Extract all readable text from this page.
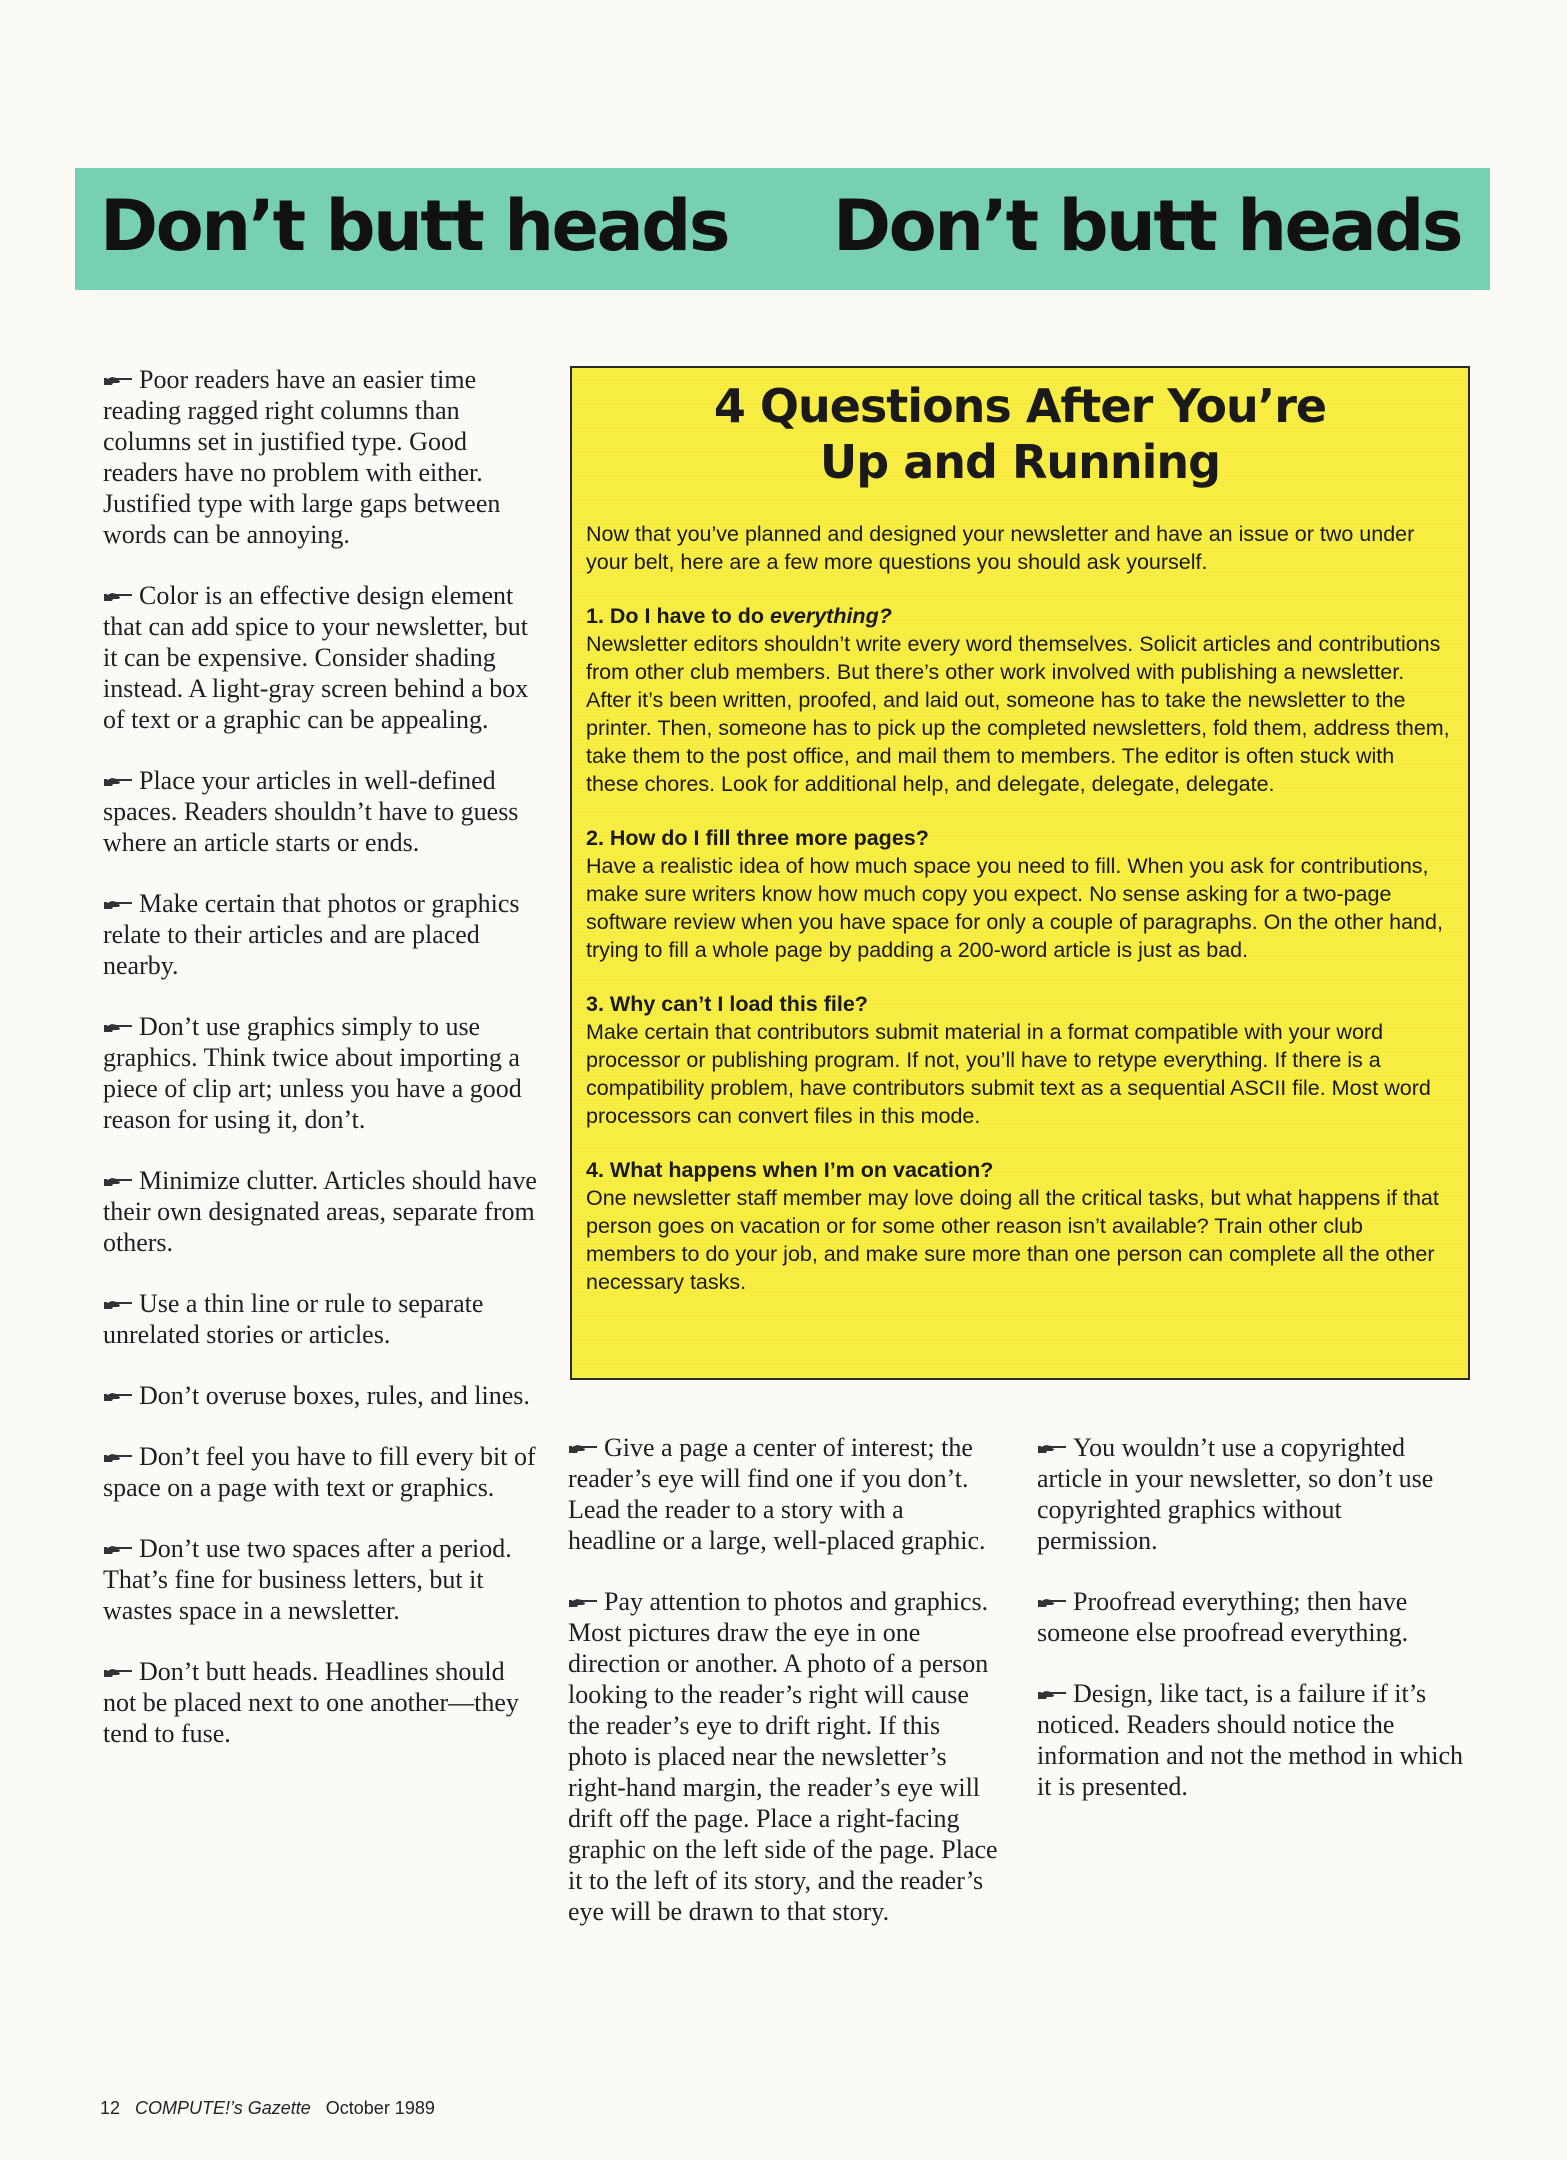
Don’t butt heads Don’t butt heads

Poor readers have an easier time reading ragged right columns than columns set in justified type. Good readers have no problem with either. Justified type with large gaps between words can be annoying.

Color is an effective design element that can add spice to your newsletter, but it can be expensive. Consider shading instead. A light-gray screen behind a box of text or a graphic can be appealing.

Place your articles in well-defined spaces. Readers shouldn’t have to guess where an article starts or ends.

Make certain that photos or graphics relate to their articles and are placed nearby.

Don’t use graphics simply to use graphics. Think twice about importing a piece of clip art; unless you have a good reason for using it, don’t.

Minimize clutter. Articles should have their own designated areas, separate from others.

Use a thin line or rule to separate unrelated stories or articles.

Don’t overuse boxes, rules, and lines.

Don’t feel you have to fill every bit of space on a page with text or graphics.

Don’t use two spaces after a period. That’s fine for business letters, but it wastes space in a newsletter.

Don’t butt heads. Headlines should not be placed next to one another—they tend to fuse.

4 Questions After You’re
Up and Running

Now that you’ve planned and designed your newsletter and have an issue or two under your belt, here are a few more questions you should ask yourself.

1. Do I have to do everything?
Newsletter editors shouldn’t write every word themselves. Solicit articles and contributions from other club members. But there’s other work involved with publishing a newsletter. After it’s been written, proofed, and laid out, someone has to take the newsletter to the printer. Then, someone has to pick up the completed newsletters, fold them, address them, take them to the post office, and mail them to members. The editor is often stuck with these chores. Look for additional help, and delegate, delegate, delegate.
2. How do I fill three more pages?
Have a realistic idea of how much space you need to fill. When you ask for contributions, make sure writers know how much copy you expect. No sense asking for a two-page software review when you have space for only a couple of paragraphs. On the other hand, trying to fill a whole page by padding a 200-word article is just as bad.
3. Why can’t I load this file?
Make certain that contributors submit material in a format compatible with your word processor or publishing program. If not, you’ll have to retype everything. If there is a compatibility problem, have contributors submit text as a sequential ASCII file. Most word processors can convert files in this mode.
4. What happens when I’m on vacation?
One newsletter staff member may love doing all the critical tasks, but what happens if that person goes on vacation or for some other reason isn’t available? Train other club members to do your job, and make sure more than one person can complete all the other necessary tasks.

Give a page a center of interest; the reader’s eye will find one if you don’t. Lead the reader to a story with a headline or a large, well-placed graphic.

Pay attention to photos and graphics. Most pictures draw the eye in one direction or another. A photo of a person looking to the reader’s right will cause the reader’s eye to drift right. If this photo is placed near the newsletter’s right-hand margin, the reader’s eye will drift off the page. Place a right-facing graphic on the left side of the page. Place it to the left of its story, and the reader’s eye will be drawn to that story.

You wouldn’t use a copyrighted article in your newsletter, so don’t use copyrighted graphics without permission.

Proofread everything; then have someone else proofread everything.

Design, like tact, is a failure if it’s noticed. Readers should notice the information and not the method in which it is presented.

12 COMPUTE!’s Gazette October 1989
